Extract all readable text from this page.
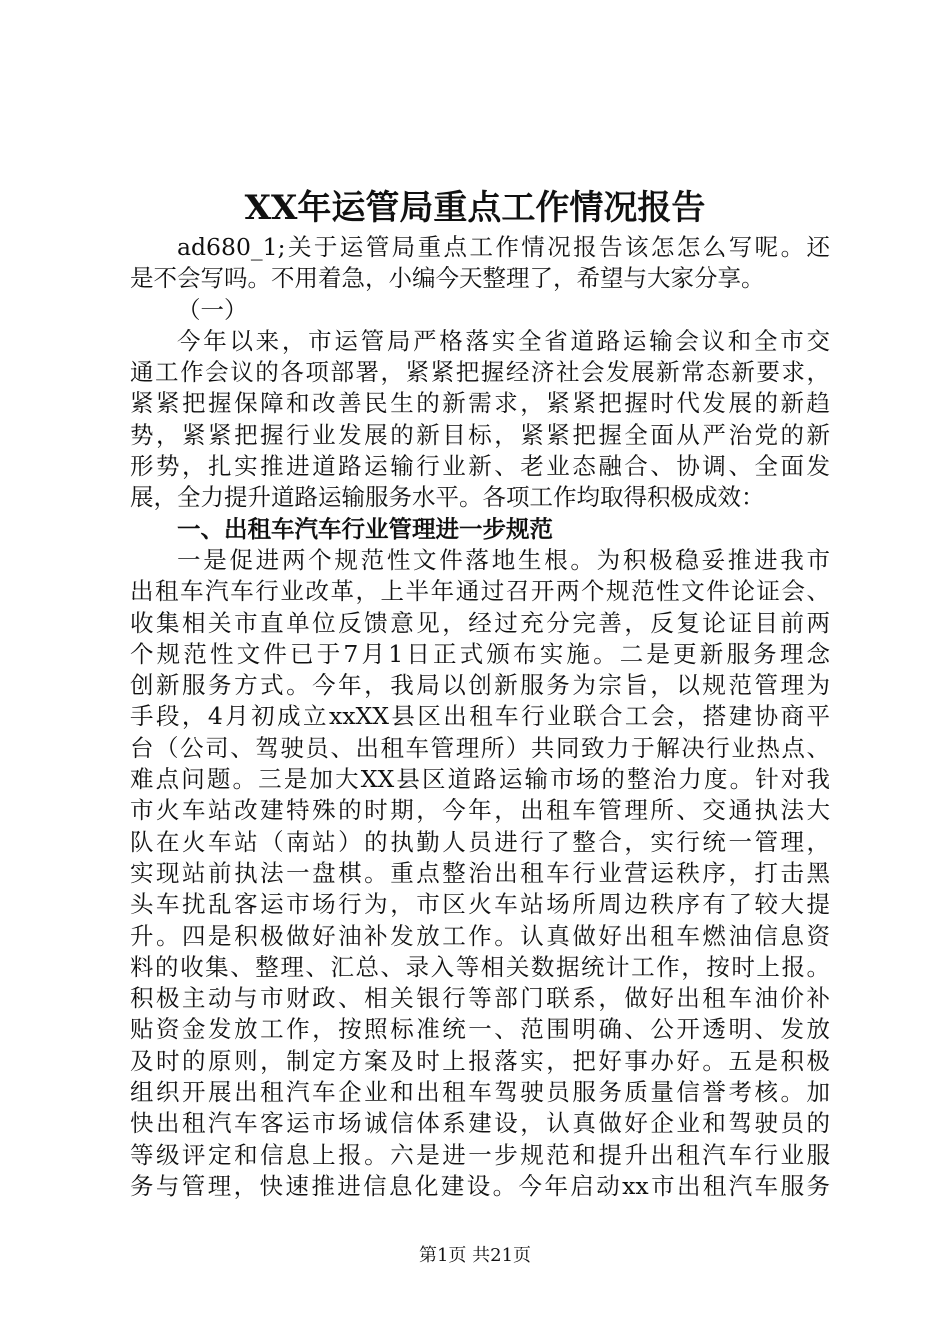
XX年运管局重点工作情况报告
ad680_1;关于运管局重点工作情况报告该怎怎么写呢。还
是不会写吗。不用着急，小编今天整理了，希望与大家分享。
（一）
今年以来，市运管局严格落实全省道路运输会议和全市交
通工作会议的各项部署，紧紧把握经济社会发展新常态新要求，
紧紧把握保障和改善民生的新需求，紧紧把握时代发展的新趋
势，紧紧把握行业发展的新目标，紧紧把握全面从严治党的新
形势，扎实推进道路运输行业新、老业态融合、协调、全面发
展，全力提升道路运输服务水平。各项工作均取得积极成效：
一、出租车汽车行业管理进一步规范
一是促进两个规范性文件落地生根。为积极稳妥推进我市
出租车汽车行业改革，上半年通过召开两个规范性文件论证会、
收集相关市直单位反馈意见，经过充分完善，反复论证目前两
个规范性文件已于7月1日正式颁布实施。二是更新服务理念
创新服务方式。今年，我局以创新服务为宗旨，以规范管理为
手段，4月初成立xxXX县区出租车行业联合工会，搭建协商平
台（公司、驾驶员、出租车管理所）共同致力于解决行业热点、
难点问题。三是加大XX县区道路运输市场的整治力度。针对我
市火车站改建特殊的时期，今年，出租车管理所、交通执法大
队在火车站（南站）的执勤人员进行了整合，实行统一管理，
实现站前执法一盘棋。重点整治出租车行业营运秩序，打击黑
头车扰乱客运市场行为，市区火车站场所周边秩序有了较大提
升。四是积极做好油补发放工作。认真做好出租车燃油信息资
料的收集、整理、汇总、录入等相关数据统计工作，按时上报。
积极主动与市财政、相关银行等部门联系，做好出租车油价补
贴资金发放工作，按照标准统一、范围明确、公开透明、发放
及时的原则，制定方案及时上报落实，把好事办好。五是积极
组织开展出租汽车企业和出租车驾驶员服务质量信誉考核。加
快出租汽车客运市场诚信体系建设，认真做好企业和驾驶员的
等级评定和信息上报。六是进一步规范和提升出租汽车行业服
务与管理，快速推进信息化建设。今年启动xx市出租汽车服务
第1页 共21页
